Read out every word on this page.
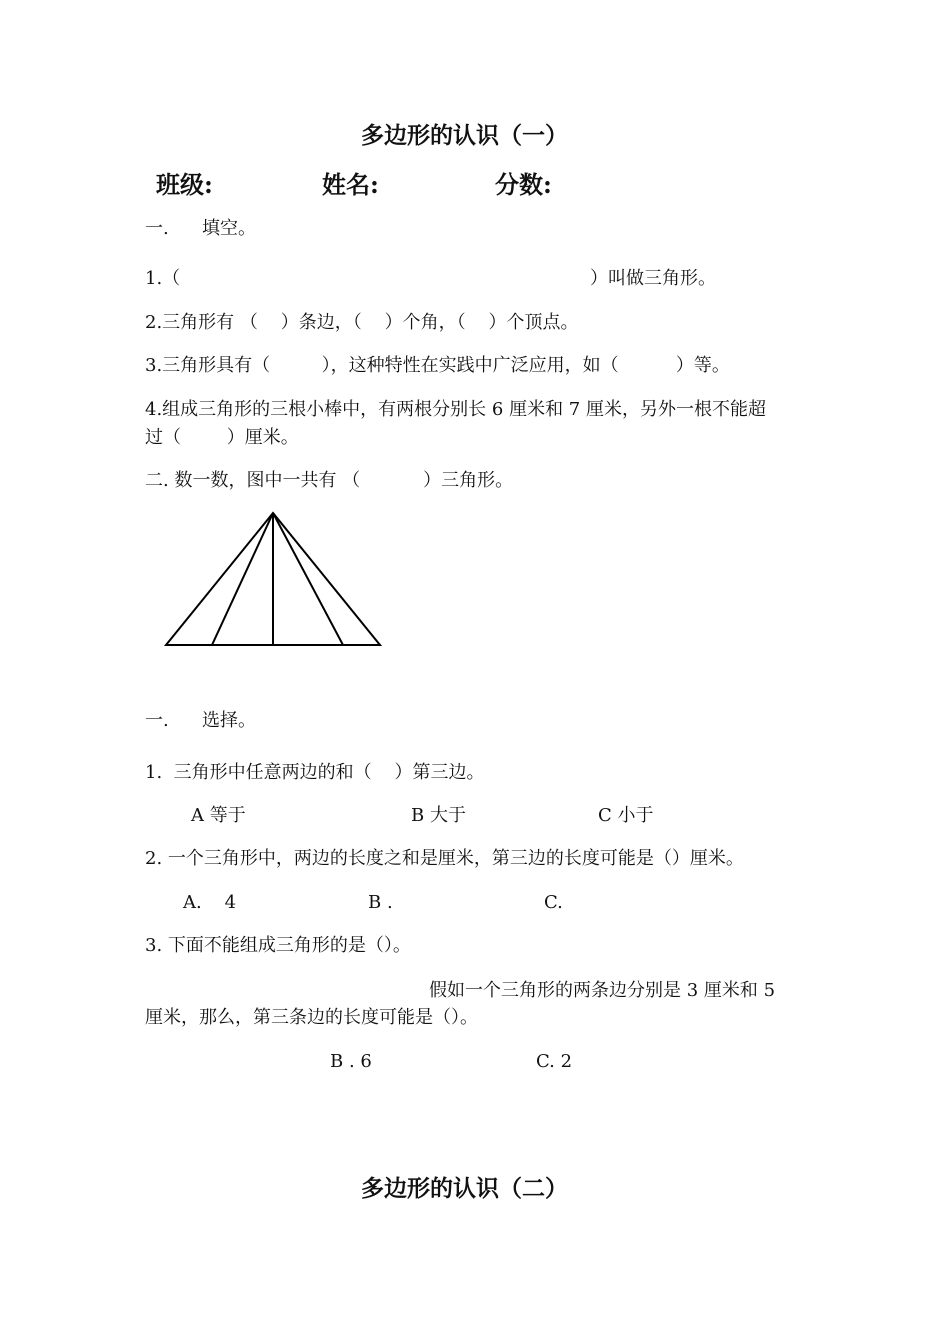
多边形的认识（一）
班级:	姓名:	分数:
一. 填空。
1.（	）叫做三角形。
2.三角形有 （    ）条边，（    ）个角，（    ）个顶点。
3.三角形具有（         ），这种特性在实践中广泛应用，如（          ）等。
4.组成三角形的三根小棒中，有两根分别长 6 厘米和 7 厘米，另外一根不能超
过（        ）厘米。
二. 数一数，图中一共有 （           ）三角形。
一. 选择。
1.  三角形中任意两边的和（    ）第三边。
A 等于	B 大于	C 小于
2. 一个三角形中，两边的长度之和是厘米，第三边的长度可能是（）厘米。
A.    4	B .	C.
3. 下面不能组成三角形的是（）。
假如一个三角形的两条边分别是 3 厘米和 5
厘米，那么，第三条边的长度可能是（）。
B . 6	C. 2
多边形的认识（二）
